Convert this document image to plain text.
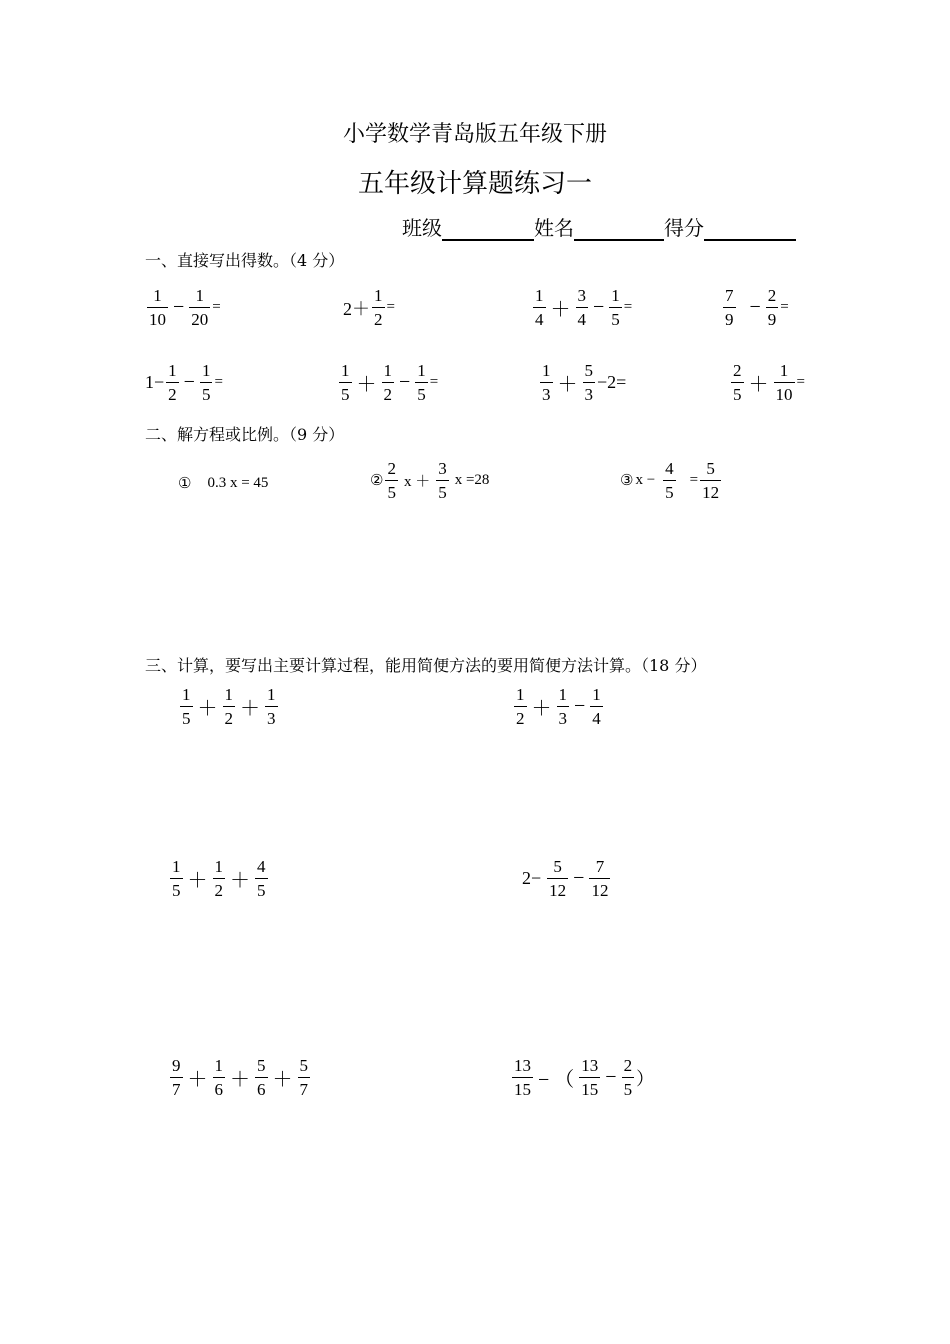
小学数学青岛版五年级下册
五年级计算题练习一
班级	姓名	得分
一、直接写出得数。（4 分）
$\frac{1}{10} - \frac{1}{20}$ =	$2+ \frac{1}{2}$ =	$\frac{1}{4} + \frac{3}{4} - \frac{1}{5}$ =	$\frac{7}{9} - \frac{2}{9}$ =
$1- \frac{1}{2} - \frac{1}{5}$ =	$\frac{1}{5} + \frac{1}{2} - \frac{1}{5}$ =	$\frac{1}{3} + \frac{5}{3} -2=$	$\frac{2}{5} + \frac{1}{10}$ =
二、解方程或比例。（9 分）
① 0.3 x = 45	② $\frac{2}{5}$ $x + \frac{3}{5}$ x =28	③ $x - \frac{4}{5} = \frac{5}{12}$
三、计算，要写出主要计算过程，能用简便方法的要用简便方法计算。（18 分）
$\frac{1}{5} + \frac{1}{2} + \frac{1}{3}$	$\frac{1}{2} + \frac{1}{3} - \frac{1}{4}$
$\frac{1}{5} + \frac{1}{2} + \frac{4}{5}$	$2- \frac{5}{12} - \frac{7}{12}$
$\frac{9}{7} + \frac{1}{6} + \frac{5}{6} + \frac{5}{7}$	$\frac{13}{15}$ − （ $\frac{13}{15} - \frac{2}{5}$ ）
